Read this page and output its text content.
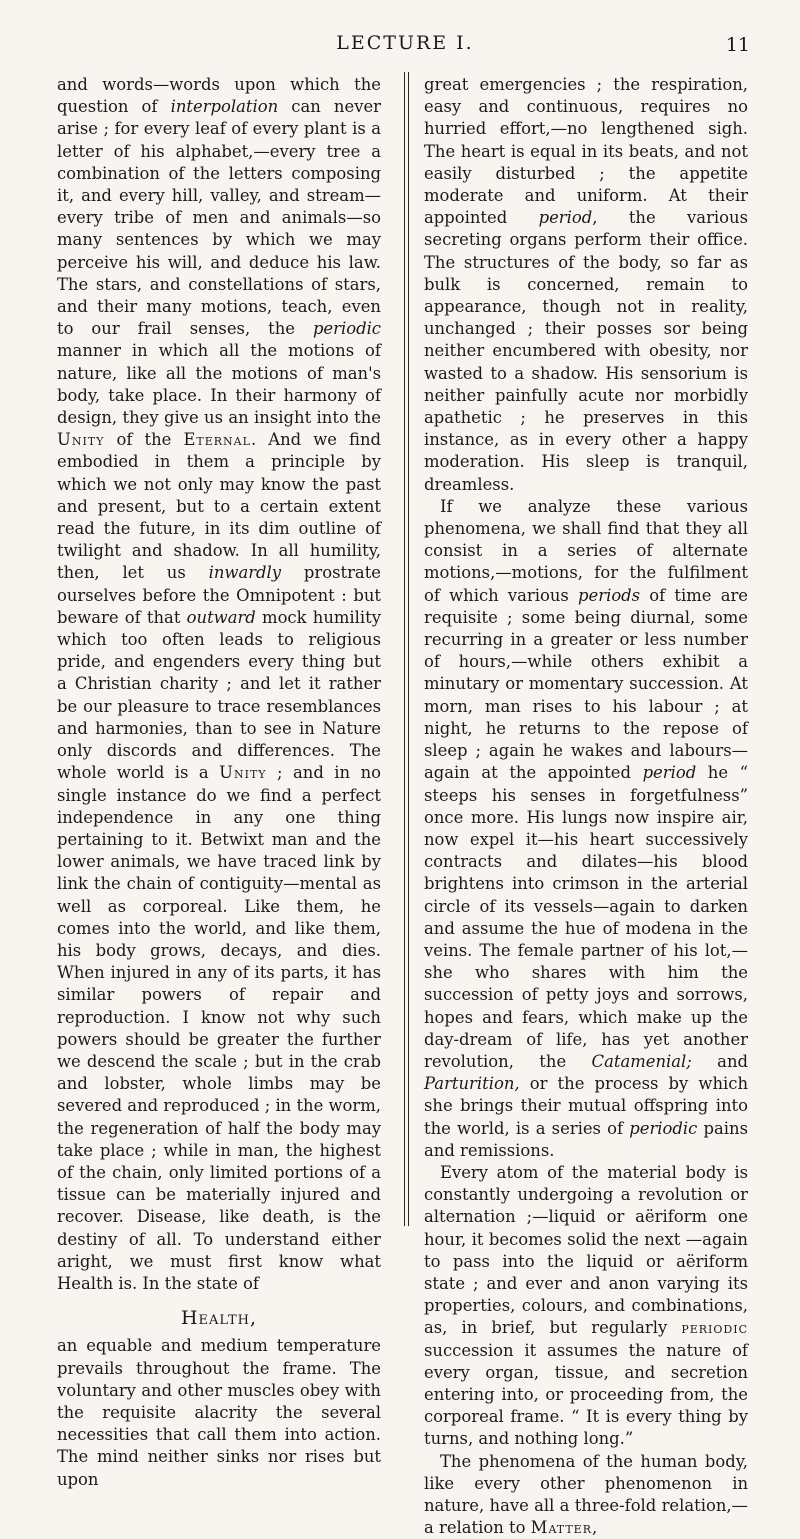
LECTURE I.	11

and words—words upon which the question of interpolation can never arise ; for every leaf of every plant is a letter of his alphabet,—every tree a combination of the letters composing it, and every hill, valley, and stream—every tribe of men and animals—so many sentences by which we may perceive his will, and deduce his law. The stars, and constellations of stars, and their many motions, teach, even to our frail senses, the periodic manner in which all the motions of nature, like all the motions of man's body, take place. In their harmony of design, they give us an insight into the Unity of the Eternal. And we find embodied in them a principle by which we not only may know the past and present, but to a certain extent read the future, in its dim outline of twilight and shadow. In all humility, then, let us inwardly prostrate ourselves before the Omnipotent : but beware of that outward mock humility which too often leads to religious pride, and engenders every thing but a Christian charity ; and let it rather be our pleasure to trace resemblances and harmonies, than to see in Nature only discords and differences. The whole world is a Unity ; and in no single instance do we find a perfect independence in any one thing pertaining to it. Betwixt man and the lower animals, we have traced link by link the chain of contiguity—mental as well as corporeal. Like them, he comes into the world, and like them, his body grows, decays, and dies. When injured in any of its parts, it has similar powers of repair and reproduction. I know not why such powers should be greater the further we descend the scale ; but in the crab and lobster, whole limbs may be severed and reproduced ; in the worm, the regeneration of half the body may take place ; while in man, the highest of the chain, only limited portions of a tissue can be materially injured and recover. Disease, like death, is the destiny of all. To understand either aright, we must first know what Health is. In the state of

Health,

an equable and medium temperature prevails throughout the frame. The voluntary and other muscles obey with the requisite alacrity the several necessities that call them into action. The mind neither sinks nor rises but upon

great emergencies ; the respiration, easy and continuous, requires no hurried effort,—no lengthened sigh. The heart is equal in its beats, and not easily disturbed ; the appetite moderate and uniform. At their appointed period, the various secreting organs perform their office. The structures of the body, so far as bulk is concerned, remain to appearance, though not in reality, unchanged ; their posses sor being neither encumbered with obesity, nor wasted to a shadow. His sensorium is neither painfully acute nor morbidly apathetic ; he preserves in this instance, as in every other a happy moderation. His sleep is tranquil, dreamless.

If we analyze these various phenomena, we shall find that they all consist in a series of alternate motions,—motions, for the fulfilment of which various periods of time are requisite ; some being diurnal, some recurring in a greater or less number of hours,—while others exhibit a minutary or momentary succession. At morn, man rises to his labour ; at night, he returns to the repose of sleep ; again he wakes and labours—again at the appointed period he “ steeps his senses in forgetfulness” once more. His lungs now inspire air, now expel it—his heart successively contracts and dilates—his blood brightens into crimson in the arterial circle of its vessels—again to darken and assume the hue of modena in the veins. The female partner of his lot,—she who shares with him the succession of petty joys and sorrows, hopes and fears, which make up the day-dream of life, has yet another revolution, the Catamenial; and Parturition, or the process by which she brings their mutual offspring into the world, is a series of periodic pains and remissions.

Every atom of the material body is constantly undergoing a revolution or alternation ;—liquid or aëriform one hour, it becomes solid the next —again to pass into the liquid or aëriform state ; and ever and anon varying its properties, colours, and combinations, as, in brief, but regularly periodic succession it assumes the nature of every organ, tissue, and secretion entering into, or proceeding from, the corporeal frame. “ It is every thing by turns, and nothing long.”

The phenomena of the human body, like every other phenomenon in nature, have all a three-fold relation,—a relation to Matter,
